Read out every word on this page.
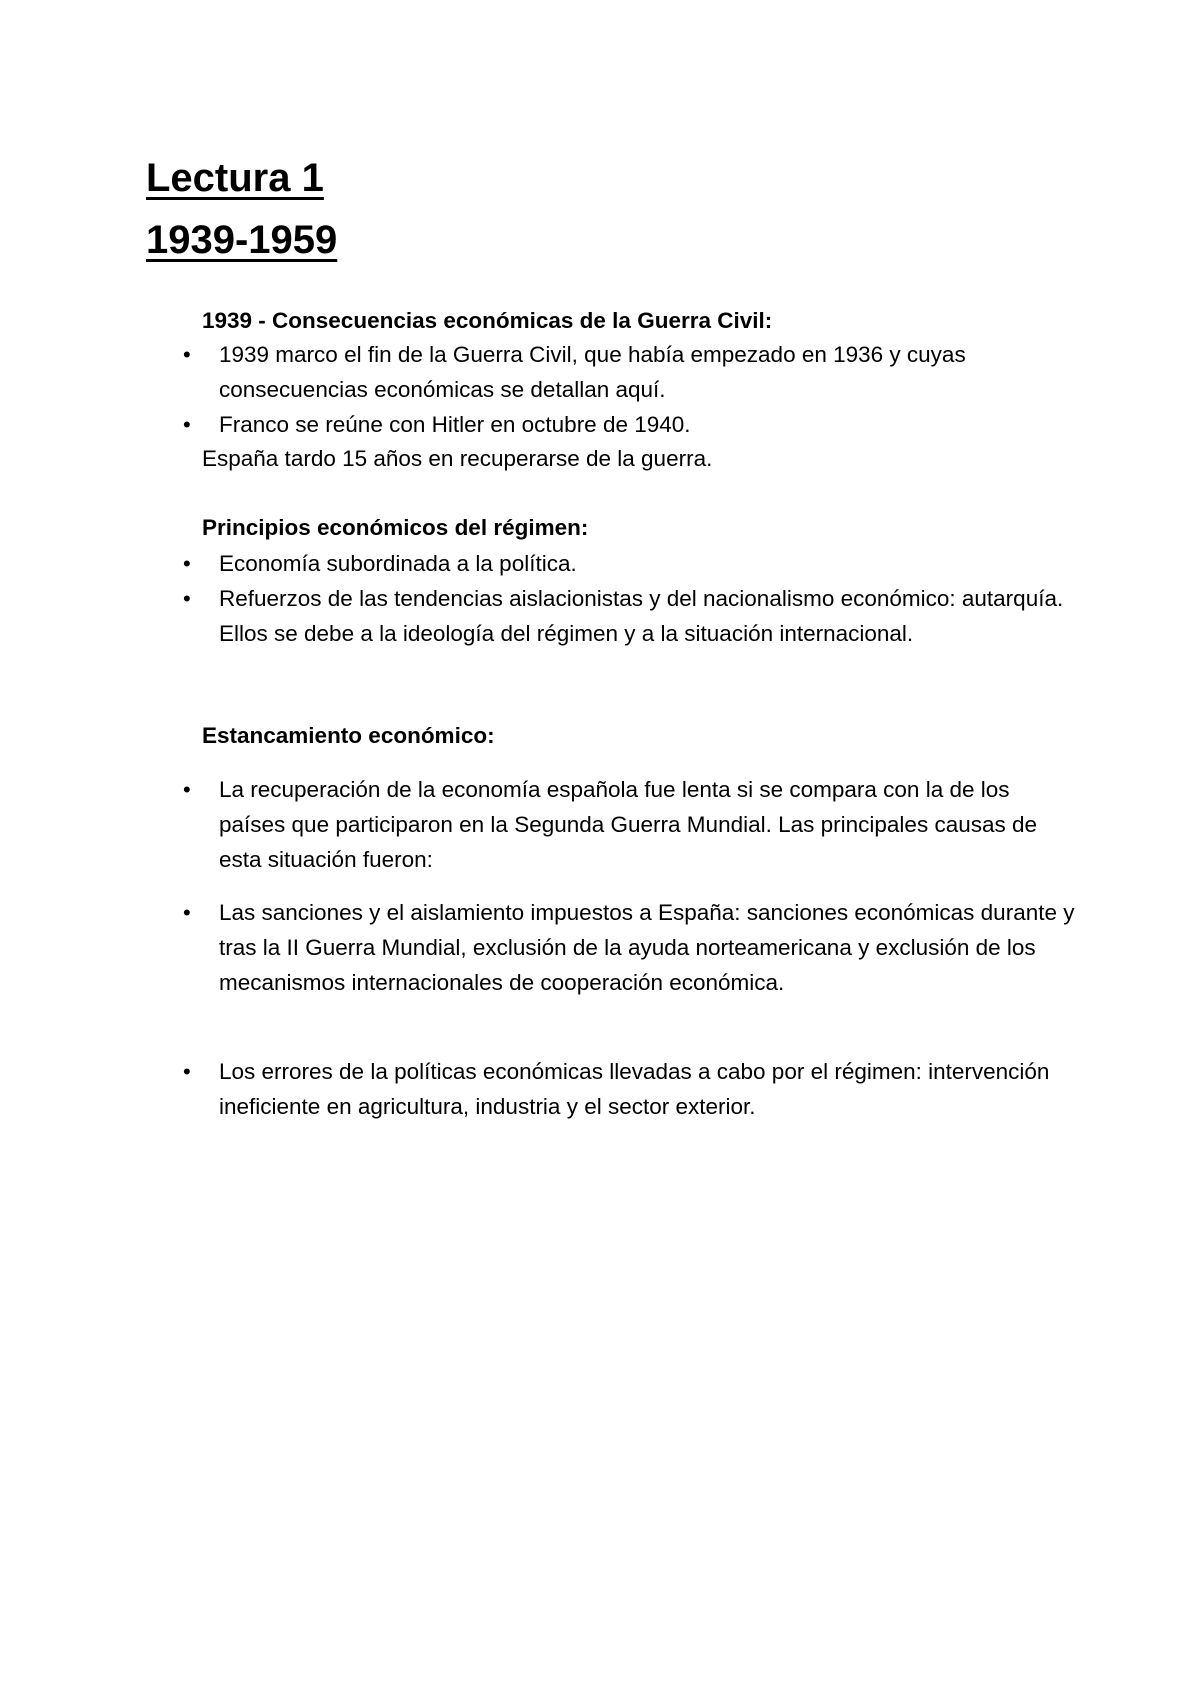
Lectura 1
1939-1959

1939 - Consecuencias económicas de la Guerra Civil:

• 1939 marco el fin de la Guerra Civil, que había empezado en 1936 y cuyas consecuencias económicas se detallan aquí.

• Franco se reúne con Hitler en octubre de 1940.

España tardo 15 años en recuperarse de la guerra.

Principios económicos del régimen:

• Economía subordinada a la política.

• Refuerzos de las tendencias aislacionistas y del nacionalismo económico: autarquía. Ellos se debe a la ideología del régimen y a la situación internacional.

Estancamiento económico:

• La recuperación de la economía española fue lenta si se compara con la de los países que participaron en la Segunda Guerra Mundial. Las principales causas de esta situación fueron:

• Las sanciones y el aislamiento impuestos a España: sanciones económicas durante y tras la II Guerra Mundial, exclusión de la ayuda norteamericana y exclusión de los mecanismos internacionales de cooperación económica.

• Los errores de la políticas económicas llevadas a cabo por el régimen: intervención ineficiente en agricultura, industria y el sector exterior.
